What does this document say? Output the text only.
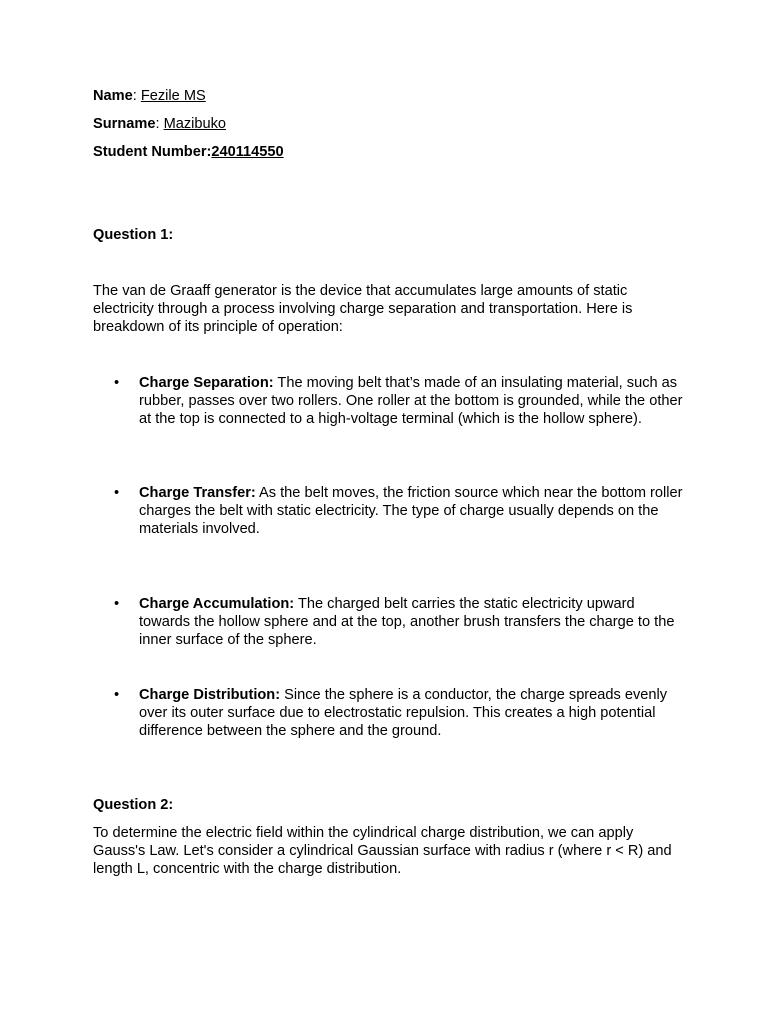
Name: Fezile MS
Surname: Mazibuko
Student Number:240114550
Question 1:
The van de Graaff generator is the device that accumulates large amounts of static electricity through a process involving charge separation and transportation. Here is breakdown of its principle of operation:
• Charge Separation: The moving belt that’s made of an insulating material, such as rubber, passes over two rollers. One roller at the bottom is grounded, while the other at the top is connected to a high-voltage terminal (which is the hollow sphere).
• Charge Transfer: As the belt moves, the friction source which near the bottom roller charges the belt with static electricity. The type of charge usually depends on the materials involved.
• Charge Accumulation: The charged belt carries the static electricity upward towards the hollow sphere and at the top, another brush transfers the charge to the inner surface of the sphere.
• Charge Distribution: Since the sphere is a conductor, the charge spreads evenly over its outer surface due to electrostatic repulsion. This creates a high potential difference between the sphere and the ground.
Question 2:
To determine the electric field within the cylindrical charge distribution, we can apply Gauss's Law. Let's consider a cylindrical Gaussian surface with radius r (where r < R) and length L, concentric with the charge distribution.
